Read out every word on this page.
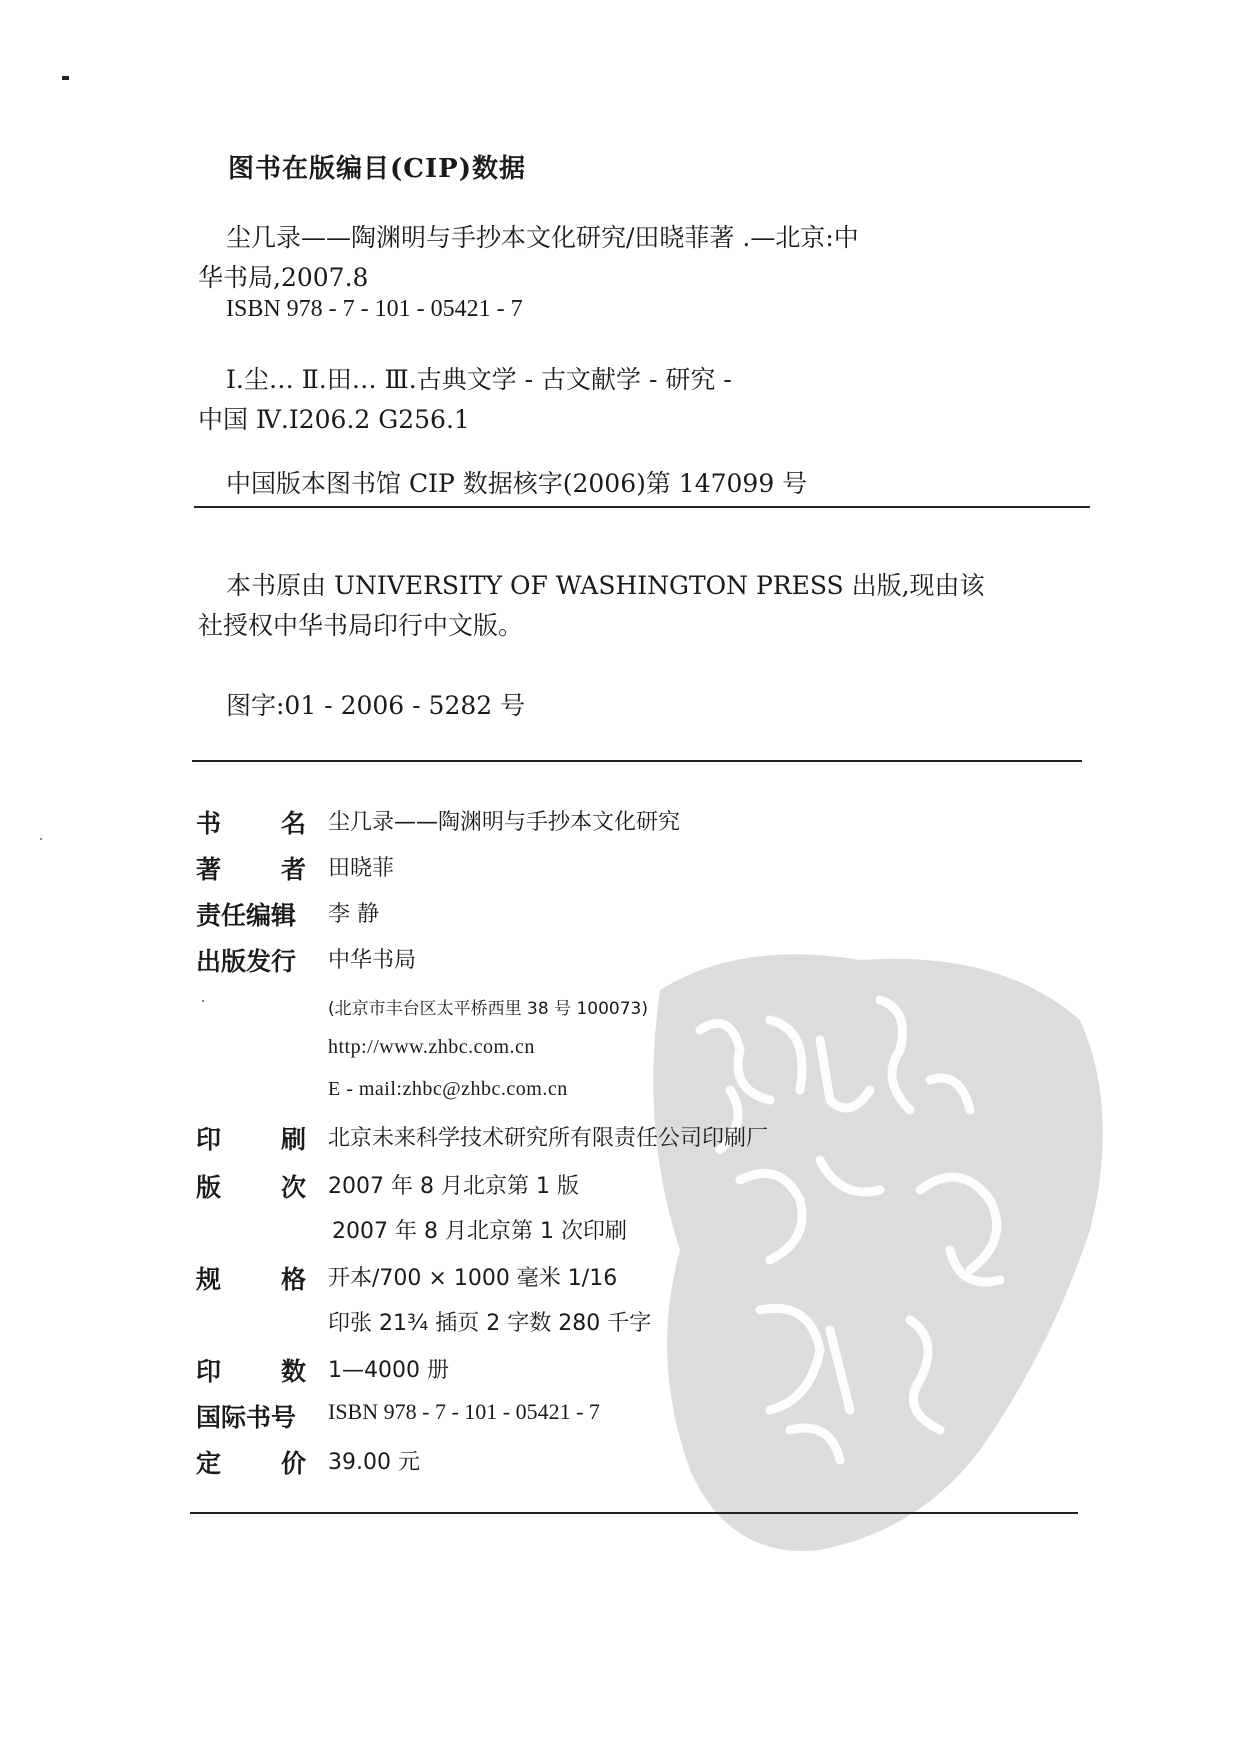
图书在版编目(CIP)数据
尘几录——陶渊明与手抄本文化研究/田晓菲著 .—北京:中
华书局,2007.8
ISBN 978 - 7 - 101 - 05421 - 7
Ⅰ.尘… Ⅱ.田… Ⅲ.古典文学 - 古文献学 - 研究 -
中国 Ⅳ.I206.2 G256.1
中国版本图书馆 CIP 数据核字(2006)第 147099 号
本书原由 UNIVERSITY OF WASHINGTON PRESS 出版,现由该
社授权中华书局印行中文版。
图字:01 - 2006 - 5282 号
书 名 尘几录——陶渊明与手抄本文化研究
著 者 田晓菲
责任编辑 李 静
出版发行 中华书局
(北京市丰台区太平桥西里 38 号 100073)
http://www.zhbc.com.cn
E - mail:zhbc@zhbc.com.cn
印 刷 北京未来科学技术研究所有限责任公司印刷厂
版 次 2007 年 8 月北京第 1 版
2007 年 8 月北京第 1 次印刷
规 格 开本/700 × 1000 毫米 1/16
印张 21¾ 插页 2 字数 280 千字
印 数 1—4000 册
国际书号 ISBN 978 - 7 - 101 - 05421 - 7
定 价 39.00 元
